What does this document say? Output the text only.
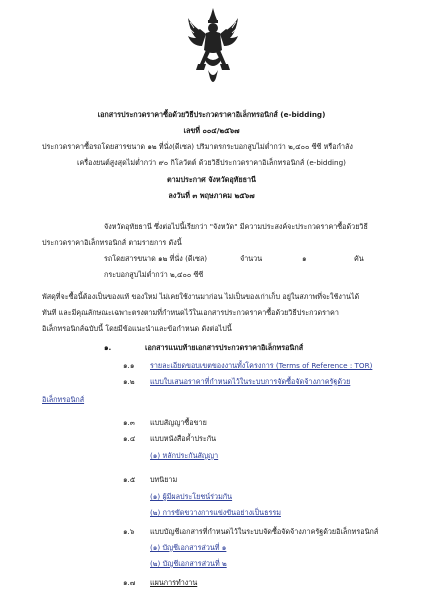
เอกสารประกวดราคาซื้อด้วยวิธีประกวดราคาอิเล็กทรอนิกส์ (e-bidding)
เลขที่ ๐๐๔/๒๕๖๗
ประกวดราคาซื้อรถโดยสารขนาด ๑๒ ที่นั่ง(ดีเซล) ปริมาตรกระบอกสูบไม่ต่ำกว่า ๒,๔๐๐ ซีซี หรือกำลัง
เครื่องยนต์สูงสุดไม่ต่ำกว่า ๙๐ กิโลวัตต์ ด้วยวิธีประกวดราคาอิเล็กทรอนิกส์ (e-bidding)
ตามประกาศ จังหวัดอุทัยธานี
ลงวันที่ ๓ พฤษภาคม ๒๕๖๗
จังหวัดอุทัยธานี ซึ่งต่อไปนี้เรียกว่า "จังหวัด" มีความประสงค์จะประกวดราคาซื้อด้วยวิธี
ประกวดราคาอิเล็กทรอนิกส์ ตามรายการ ดังนี้
รถโดยสารขนาด ๑๒ ที่นั่ง (ดีเซล)	จำนวน	๑	คัน
กระบอกสูบไม่ต่ำกว่า ๒,๔๐๐ ซีซี
พัสดุที่จะซื้อนี้ต้องเป็นของแท้ ของใหม่ ไม่เคยใช้งานมาก่อน ไม่เป็นของเก่าเก็บ อยู่ในสภาพที่จะใช้งานได้
ทันที และมีคุณลักษณะเฉพาะตรงตามที่กำหนดไว้ในเอกสารประกวดราคาซื้อด้วยวิธีประกวดราคา
อิเล็กทรอนิกส์ฉบับนี้ โดยมีข้อแนะนำและข้อกำหนด ดังต่อไปนี้
๑.	เอกสารแนบท้ายเอกสารประกวดราคาอิเล็กทรอนิกส์
๑.๑ รายละเอียดขอบเขตของงานทั้งโครงการ (Terms of Reference : TOR)
๑.๒ แบบใบเสนอราคาที่กำหนดไว้ในระบบการจัดซื้อจัดจ้างภาครัฐด้วย
อิเล็กทรอนิกส์
๑.๓ แบบสัญญาซื้อขาย
๑.๔ แบบหนังสือค้ำประกัน
(๑) หลักประกันสัญญา
๑.๕ บทนิยาม
(๑) ผู้มีผลประโยชน์ร่วมกัน
(๒) การขัดขวางการแข่งขันอย่างเป็นธรรม
๑.๖ แบบบัญชีเอกสารที่กำหนดไว้ในระบบจัดซื้อจัดจ้างภาครัฐด้วยอิเล็กทรอนิกส์
(๑) บัญชีเอกสารส่วนที่ ๑
(๒) บัญชีเอกสารส่วนที่ ๒
๑.๗ แผนการทำงาน
